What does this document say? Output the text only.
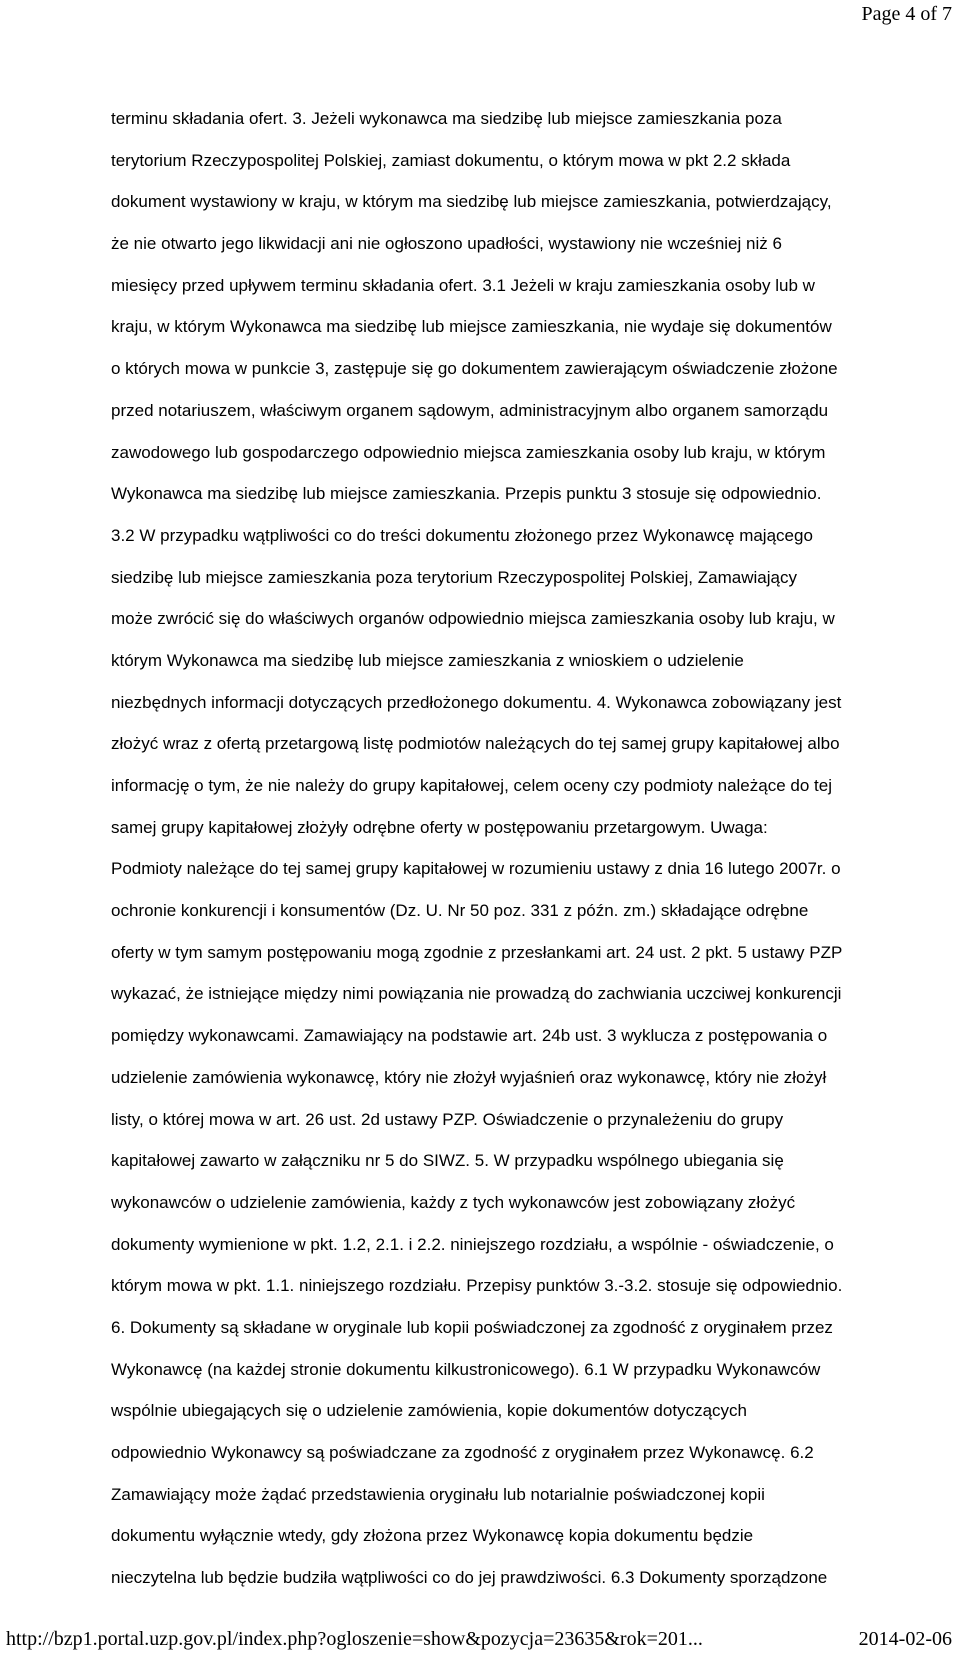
Page 4 of 7
terminu składania ofert. 3. Jeżeli wykonawca ma siedzibę lub miejsce zamieszkania poza
terytorium Rzeczypospolitej Polskiej, zamiast dokumentu, o którym mowa w pkt 2.2 składa
dokument wystawiony w kraju, w którym ma siedzibę lub miejsce zamieszkania, potwierdzający,
że nie otwarto jego likwidacji ani nie ogłoszono upadłości, wystawiony nie wcześniej niż 6
miesięcy przed upływem terminu składania ofert. 3.1 Jeżeli w kraju zamieszkania osoby lub w
kraju, w którym Wykonawca ma siedzibę lub miejsce zamieszkania, nie wydaje się dokumentów
o których mowa w punkcie 3, zastępuje się go dokumentem zawierającym oświadczenie złożone
przed notariuszem, właściwym organem sądowym, administracyjnym albo organem samorządu
zawodowego lub gospodarczego odpowiednio miejsca zamieszkania osoby lub kraju, w którym
Wykonawca ma siedzibę lub miejsce zamieszkania. Przepis punktu 3 stosuje się odpowiednio.
3.2 W przypadku wątpliwości co do treści dokumentu złożonego przez Wykonawcę mającego
siedzibę lub miejsce zamieszkania poza terytorium Rzeczypospolitej Polskiej, Zamawiający
może zwrócić się do właściwych organów odpowiednio miejsca zamieszkania osoby lub kraju, w
którym Wykonawca ma siedzibę lub miejsce zamieszkania z wnioskiem o udzielenie
niezbędnych informacji dotyczących przedłożonego dokumentu. 4. Wykonawca zobowiązany jest
złożyć wraz z ofertą przetargową listę podmiotów należących do tej samej grupy kapitałowej albo
informację o tym, że nie należy do grupy kapitałowej, celem oceny czy podmioty należące do tej
samej grupy kapitałowej złożyły odrębne oferty w postępowaniu przetargowym. Uwaga:
Podmioty należące do tej samej grupy kapitałowej w rozumieniu ustawy z dnia 16 lutego 2007r. o
ochronie konkurencji i konsumentów (Dz. U. Nr 50 poz. 331 z późn. zm.) składające odrębne
oferty w tym samym postępowaniu mogą zgodnie z przesłankami art. 24 ust. 2 pkt. 5 ustawy PZP
wykazać, że istniejące między nimi powiązania nie prowadzą do zachwiania uczciwej konkurencji
pomiędzy wykonawcami. Zamawiający na podstawie art. 24b ust. 3 wyklucza z postępowania o
udzielenie zamówienia wykonawcę, który nie złożył wyjaśnień oraz wykonawcę, który nie złożył
listy, o której mowa w art. 26 ust. 2d ustawy PZP. Oświadczenie o przynależeniu do grupy
kapitałowej zawarto w załączniku nr 5 do SIWZ. 5. W przypadku wspólnego ubiegania się
wykonawców o udzielenie zamówienia, każdy z tych wykonawców jest zobowiązany złożyć
dokumenty wymienione w pkt. 1.2, 2.1. i 2.2. niniejszego rozdziału, a wspólnie - oświadczenie, o
którym mowa w pkt. 1.1. niniejszego rozdziału. Przepisy punktów 3.-3.2. stosuje się odpowiednio.
6. Dokumenty są składane w oryginale lub kopii poświadczonej za zgodność z oryginałem przez
Wykonawcę (na każdej stronie dokumentu kilkustronicowego). 6.1 W przypadku Wykonawców
wspólnie ubiegających się o udzielenie zamówienia, kopie dokumentów dotyczących
odpowiednio Wykonawcy są poświadczane za zgodność z oryginałem przez Wykonawcę. 6.2
Zamawiający może żądać przedstawienia oryginału lub notarialnie poświadczonej kopii
dokumentu wyłącznie wtedy, gdy złożona przez Wykonawcę kopia dokumentu będzie
nieczytelna lub będzie budziła wątpliwości co do jej prawdziwości. 6.3 Dokumenty sporządzone
http://bzp1.portal.uzp.gov.pl/index.php?ogloszenie=show&pozycja=23635&rok=201...	2014-02-06
